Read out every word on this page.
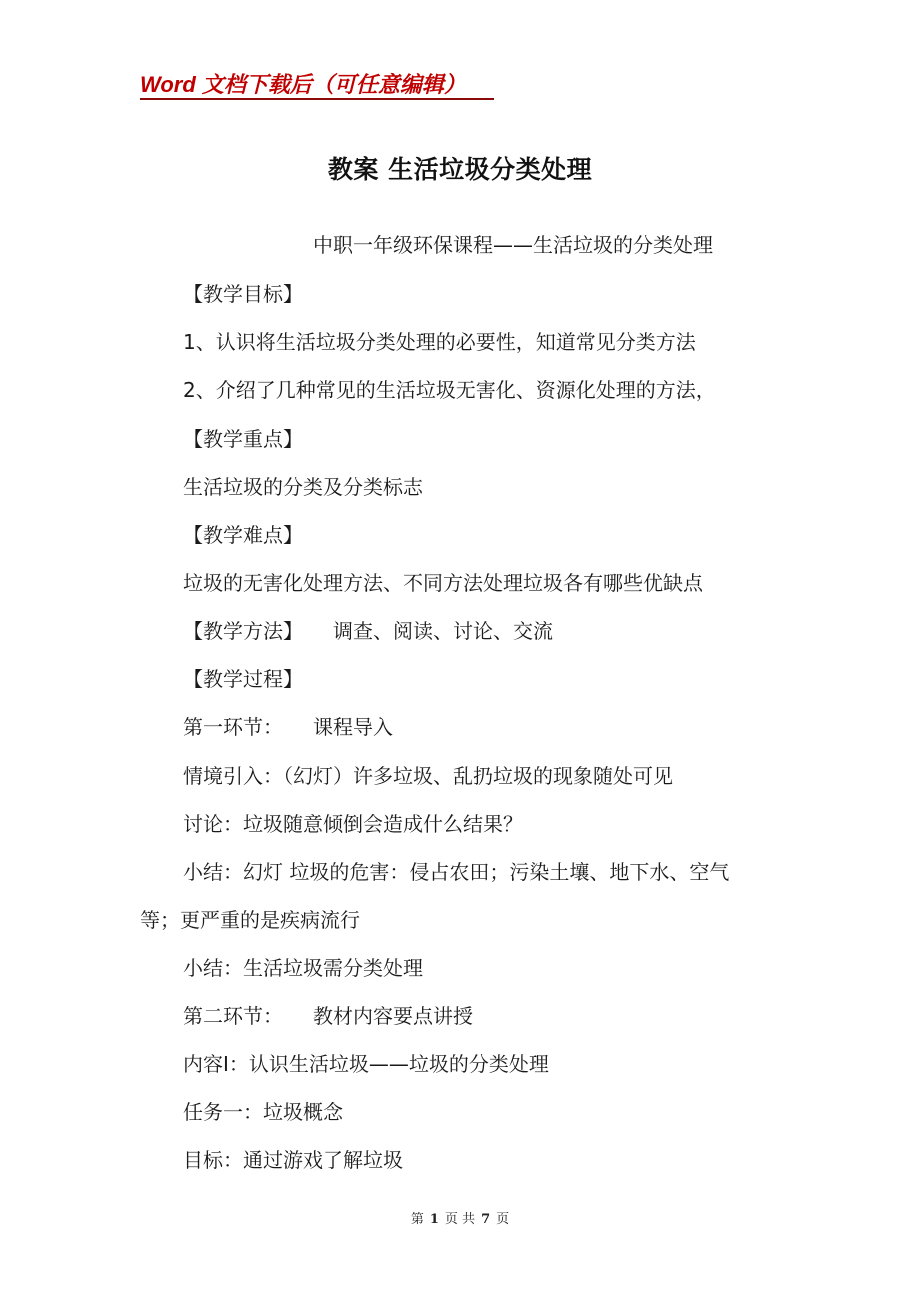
Word 文档下载后（可任意编辑）
教案 生活垃圾分类处理
中职一年级环保课程——生活垃圾的分类处理
【教学目标】
1、认识将生活垃圾分类处理的必要性，知道常见分类方法
2、介绍了几种常见的生活垃圾无害化、资源化处理的方法，
【教学重点】
生活垃圾的分类及分类标志
【教学难点】
垃圾的无害化处理方法、不同方法处理垃圾各有哪些优缺点
【教学方法】 调查、阅读、讨论、交流
【教学过程】
第一环节： 课程导入
情境引入：（幻灯）许多垃圾、乱扔垃圾的现象随处可见
讨论：垃圾随意倾倒会造成什么结果？
小结：幻灯 垃圾的危害：侵占农田；污染土壤、地下水、空气
等；更严重的是疾病流行
小结：生活垃圾需分类处理
第二环节： 教材内容要点讲授
内容Ⅰ：认识生活垃圾——垃圾的分类处理
任务一：垃圾概念
目标：通过游戏了解垃圾
第 1 页 共 7 页
